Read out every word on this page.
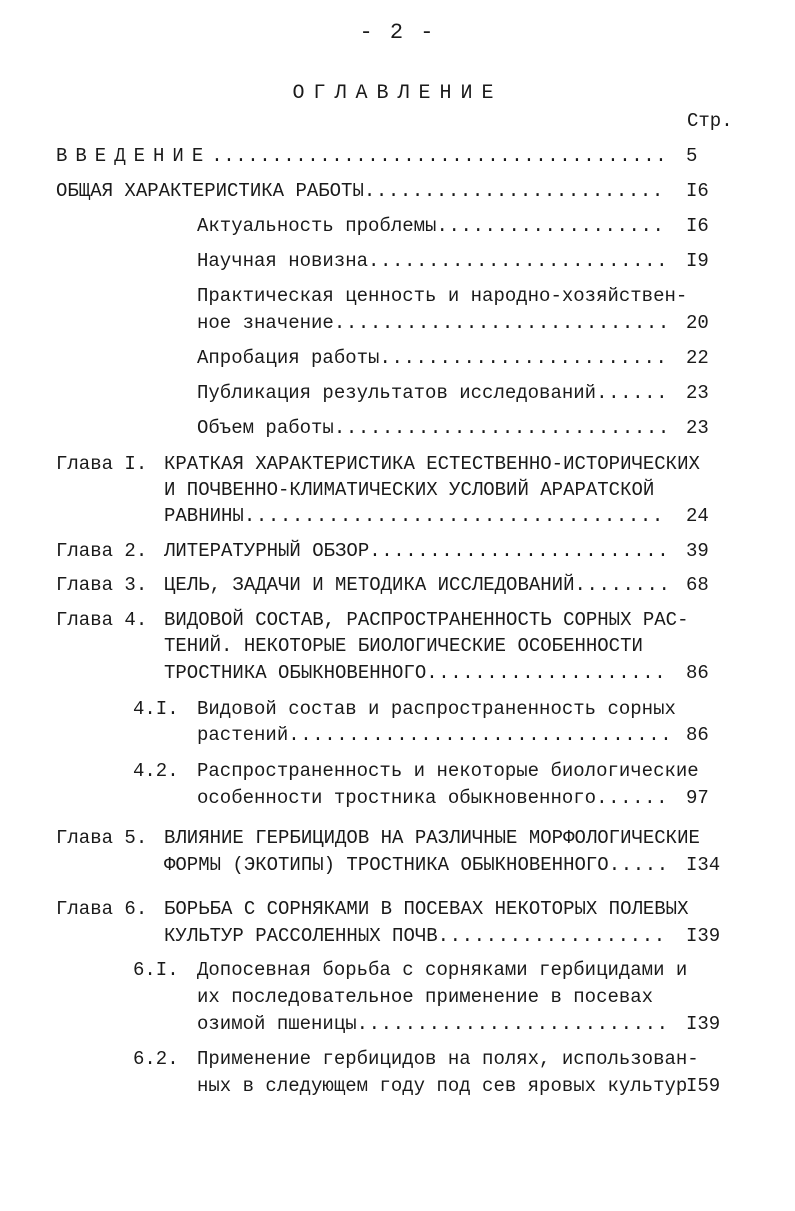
- 2 -
ОГЛАВЛЕНИЕ
Стр.
ВВЕДЕНИЕ .....	5
ОБЩАЯ ХАРАКТЕРИСТИКА РАБОТЫ .....	I6
Актуальность проблемы .....	I6
Научная новизна .....	I9
Практическая ценность и народно-хозяйствен-
ное значение .....	20
Апробация работы .....	22
Публикация результатов исследований .....	23
Объем работы .....	23
Глава I. КРАТКАЯ ХАРАКТЕРИСТИКА ЕСТЕСТВЕННО-ИСТОРИЧЕСКИХ
И ПОЧВЕННО-КЛИМАТИЧЕСКИХ УСЛОВИЙ АРАРАТСКОЙ
РАВНИНЫ .....	24
Глава 2. ЛИТЕРАТУРНЫЙ ОБЗОР .....	39
Глава 3. ЦЕЛЬ, ЗАДАЧИ И МЕТОДИКА ИССЛЕДОВАНИЙ .....	68
Глава 4. ВИДОВОЙ СОСТАВ, РАСПРОСТРАНЕННОСТЬ СОРНЫХ РАС-
ТЕНИЙ. НЕКОТОРЫЕ БИОЛОГИЧЕСКИЕ ОСОБЕННОСТИ
ТРОСТНИКА ОБЫКНОВЕННОГО .....	86
4.I. Видовой состав и распространенность сорных
растений .....	86
4.2. Распространенность и некоторые биологические
особенности тростника обыкновенного .....	97
Глава 5. ВЛИЯНИЕ ГЕРБИЦИДОВ НА РАЗЛИЧНЫЕ МОРФОЛОГИЧЕСКИЕ
ФОРМЫ (ЭКОТИПЫ) ТРОСТНИКА ОБЫКНОВЕННОГО .....	I34
Глава 6. БОРЬБА С СОРНЯКАМИ В ПОСЕВАХ НЕКОТОРЫХ ПОЛЕВЫХ
КУЛЬТУР РАССОЛЕННЫХ ПОЧВ .....	I39
6.I. Допосевная борьба с сорняками гербицидами и
их последовательное применение в посевах
озимой пшеницы .....	I39
6.2. Применение гербицидов на полях, использован-
ных в следующем году под сев яровых культур
I59
